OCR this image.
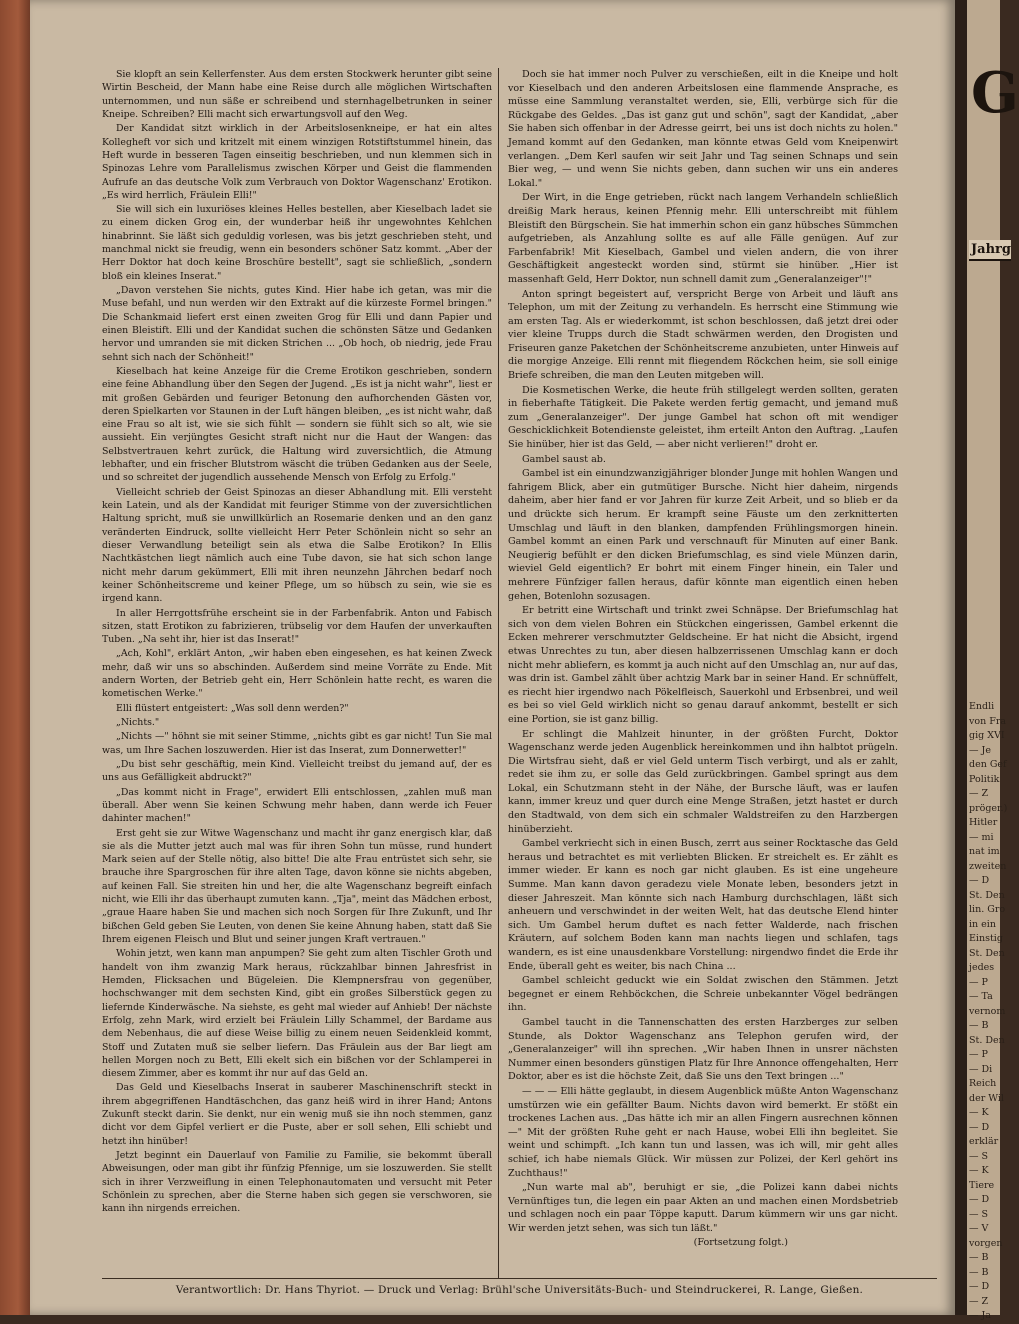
Sie klopft an sein Kellerfenster. Aus dem ersten Stockwerk herunter gibt seine Wirtin Bescheid, der Mann habe eine Reise durch alle möglichen Wirtschaften unternommen, und nun säße er schreibend und sternhagelbetrunken in seiner Kneipe. Schreiben? Elli macht sich erwartungsvoll auf den Weg.

Der Kandidat sitzt wirklich in der Arbeitslosenkneipe, er hat ein altes Kollegheft vor sich und kritzelt mit einem winzigen Rotstiftstummel hinein, das Heft wurde in besseren Tagen einseitig beschrieben, und nun klemmen sich in Spinozas Lehre vom Parallelismus zwischen Körper und Geist die flammenden Aufrufe an das deutsche Volk zum Verbrauch von Doktor Wagenschanz' Erotikon. „Es wird herrlich, Fräulein Elli!"

Sie will sich ein luxuriöses kleines Helles bestellen, aber Kieselbach ladet sie zu einem dicken Grog ein, der wunderbar heiß ihr ungewohntes Kehlchen hinabrinnt. Sie läßt sich geduldig vorlesen, was bis jetzt geschrieben steht, und manchmal nickt sie freudig, wenn ein besonders schöner Satz kommt. „Aber der Herr Doktor hat doch keine Broschüre bestellt", sagt sie schließlich, „sondern bloß ein kleines Inserat."

„Davon verstehen Sie nichts, gutes Kind. Hier habe ich getan, was mir die Muse befahl, und nun werden wir den Extrakt auf die kürzeste Formel bringen." Die Schankmaid liefert erst einen zweiten Grog für Elli und dann Papier und einen Bleistift. Elli und der Kandidat suchen die schönsten Sätze und Gedanken hervor und umranden sie mit dicken Strichen ... „Ob hoch, ob niedrig, jede Frau sehnt sich nach der Schönheit!"

Kieselbach hat keine Anzeige für die Creme Erotikon geschrieben, sondern eine feine Abhandlung über den Segen der Jugend. „Es ist ja nicht wahr", liest er mit großen Gebärden und feuriger Betonung den aufhorchenden Gästen vor, deren Spielkarten vor Staunen in der Luft hängen bleiben, „es ist nicht wahr, daß eine Frau so alt ist, wie sie sich fühlt — sondern sie fühlt sich so alt, wie sie aussieht. Ein verjüngtes Gesicht straft nicht nur die Haut der Wangen: das Selbstvertrauen kehrt zurück, die Haltung wird zuversichtlich, die Atmung lebhafter, und ein frischer Blutstrom wäscht die trüben Gedanken aus der Seele, und so schreitet der jugendlich aussehende Mensch von Erfolg zu Erfolg."

Vielleicht schrieb der Geist Spinozas an dieser Abhandlung mit. Elli versteht kein Latein, und als der Kandidat mit feuriger Stimme von der zuversichtlichen Haltung spricht, muß sie unwillkürlich an Rosemarie denken und an den ganz veränderten Eindruck, sollte vielleicht Herr Peter Schönlein nicht so sehr an dieser Verwandlung beteiligt sein als etwa die Salbe Erotikon? In Ellis Nachtkästchen liegt nämlich auch eine Tube davon, sie hat sich schon lange nicht mehr darum gekümmert, Elli mit ihren neunzehn Jährchen bedarf noch keiner Schönheitscreme und keiner Pflege, um so hübsch zu sein, wie sie es irgend kann.

In aller Herrgottsfrühe erscheint sie in der Farbenfabrik. Anton und Fabisch sitzen, statt Erotikon zu fabrizieren, trübselig vor dem Haufen der unverkauften Tuben. „Na seht ihr, hier ist das Inserat!"

„Ach, Kohl", erklärt Anton, „wir haben eben eingesehen, es hat keinen Zweck mehr, daß wir uns so abschinden. Außerdem sind meine Vorräte zu Ende. Mit andern Worten, der Betrieb geht ein, Herr Schönlein hatte recht, es waren die kometischen Werke."

Elli flüstert entgeistert: „Was soll denn werden?"

„Nichts."

„Nichts —" höhnt sie mit seiner Stimme, „nichts gibt es gar nicht! Tun Sie mal was, um Ihre Sachen loszuwerden. Hier ist das Inserat, zum Donnerwetter!"

„Du bist sehr geschäftig, mein Kind. Vielleicht treibst du jemand auf, der es uns aus Gefälligkeit abdruckt?"

„Das kommt nicht in Frage", erwidert Elli entschlossen, „zahlen muß man überall. Aber wenn Sie keinen Schwung mehr haben, dann werde ich Feuer dahinter machen!"

Erst geht sie zur Witwe Wagenschanz und macht ihr ganz energisch klar, daß sie als die Mutter jetzt auch mal was für ihren Sohn tun müsse, rund hundert Mark seien auf der Stelle nötig, also bitte! Die alte Frau entrüstet sich sehr, sie brauche ihre Spargroschen für ihre alten Tage, davon könne sie nichts abgeben, auf keinen Fall. Sie streiten hin und her, die alte Wagenschanz begreift einfach nicht, wie Elli ihr das überhaupt zumuten kann. „Tja", meint das Mädchen erbost, „graue Haare haben Sie und machen sich noch Sorgen für Ihre Zukunft, und Ihr bißchen Geld geben Sie Leuten, von denen Sie keine Ahnung haben, statt daß Sie Ihrem eigenen Fleisch und Blut und seiner jungen Kraft vertrauen."

Wohin jetzt, wen kann man anpumpen? Sie geht zum alten Tischler Groth und handelt von ihm zwanzig Mark heraus, rückzahlbar binnen Jahresfrist in Hemden, Flicksachen und Bügeleien. Die Klempnersfrau von gegenüber, hochschwanger mit dem sechsten Kind, gibt ein großes Silberstück gegen zu liefernde Kinderwäsche. Na siehste, es geht mal wieder auf Anhieb! Der nächste Erfolg, zehn Mark, wird erzielt bei Fräulein Lilly Schammel, der Bardame aus dem Nebenhaus, die auf diese Weise billig zu einem neuen Seidenkleid kommt, Stoff und Zutaten muß sie selber liefern. Das Fräulein aus der Bar liegt am hellen Morgen noch zu Bett, Elli ekelt sich ein bißchen vor der Schlamperei in diesem Zimmer, aber es kommt ihr nur auf das Geld an.

Das Geld und Kieselbachs Inserat in sauberer Maschinenschrift steckt in ihrem abgegriffenen Handtäschchen, das ganz heiß wird in ihrer Hand; Antons Zukunft steckt darin. Sie denkt, nur ein wenig muß sie ihn noch stemmen, ganz dicht vor dem Gipfel verliert er die Puste, aber er soll sehen, Elli schiebt und hetzt ihn hinüber!

Jetzt beginnt ein Dauerlauf von Familie zu Familie, sie bekommt überall Abweisungen, oder man gibt ihr fünfzig Pfennige, um sie loszuwerden. Sie stellt sich in ihrer Verzweiflung in einen Telephonautomaten und versucht mit Peter Schönlein zu sprechen, aber die Sterne haben sich gegen sie verschworen, sie kann ihn nirgends erreichen.

Doch sie hat immer noch Pulver zu verschießen, eilt in die Kneipe und holt vor Kieselbach und den anderen Arbeitslosen eine flammende Ansprache, es müsse eine Sammlung veranstaltet werden, sie, Elli, verbürge sich für die Rückgabe des Geldes. „Das ist ganz gut und schön", sagt der Kandidat, „aber Sie haben sich offenbar in der Adresse geirrt, bei uns ist doch nichts zu holen." Jemand kommt auf den Gedanken, man könnte etwas Geld vom Kneipenwirt verlangen. „Dem Kerl saufen wir seit Jahr und Tag seinen Schnaps und sein Bier weg, — und wenn Sie nichts geben, dann suchen wir uns ein anderes Lokal."

Der Wirt, in die Enge getrieben, rückt nach langem Verhandeln schließlich dreißig Mark heraus, keinen Pfennig mehr. Elli unterschreibt mit fühlem Bleistift den Bürgschein. Sie hat immerhin schon ein ganz hübsches Sümmchen aufgetrieben, als Anzahlung sollte es auf alle Fälle genügen. Auf zur Farbenfabrik! Mit Kieselbach, Gambel und vielen andern, die von ihrer Geschäftigkeit angesteckt worden sind, stürmt sie hinüber. „Hier ist massenhaft Geld, Herr Doktor, nun schnell damit zum „Generalanzeiger"!"

Anton springt begeistert auf, verspricht Berge von Arbeit und läuft ans Telephon, um mit der Zeitung zu verhandeln. Es herrscht eine Stimmung wie am ersten Tag. Als er wiederkommt, ist schon beschlossen, daß jetzt drei oder vier kleine Trupps durch die Stadt schwärmen werden, den Drogisten und Friseuren ganze Paketchen der Schönheitscreme anzubieten, unter Hinweis auf die morgige Anzeige. Elli rennt mit fliegendem Röckchen heim, sie soll einige Briefe schreiben, die man den Leuten mitgeben will.

Die Kosmetischen Werke, die heute früh stillgelegt werden sollten, geraten in fieberhafte Tätigkeit. Die Pakete werden fertig gemacht, und jemand muß zum „Generalanzeiger". Der junge Gambel hat schon oft mit wendiger Geschicklichkeit Botendienste geleistet, ihm erteilt Anton den Auftrag. „Laufen Sie hinüber, hier ist das Geld, — aber nicht verlieren!" droht er.

Gambel saust ab.

Gambel ist ein einundzwanzigjähriger blonder Junge mit hohlen Wangen und fahrigem Blick, aber ein gutmütiger Bursche. Nicht hier daheim, nirgends daheim, aber hier fand er vor Jahren für kurze Zeit Arbeit, und so blieb er da und drückte sich herum. Er krampft seine Fäuste um den zerknitterten Umschlag und läuft in den blanken, dampfenden Frühlingsmorgen hinein. Gambel kommt an einen Park und verschnauft für Minuten auf einer Bank. Neugierig befühlt er den dicken Briefumschlag, es sind viele Münzen darin, wieviel Geld eigentlich? Er bohrt mit einem Finger hinein, ein Taler und mehrere Fünfziger fallen heraus, dafür könnte man eigentlich einen heben gehen, Botenlohn sozusagen.

Er betritt eine Wirtschaft und trinkt zwei Schnäpse. Der Briefumschlag hat sich von dem vielen Bohren ein Stückchen eingerissen, Gambel erkennt die Ecken mehrerer verschmutzter Geldscheine. Er hat nicht die Absicht, irgend etwas Unrechtes zu tun, aber diesen halbzerrissenen Umschlag kann er doch nicht mehr abliefern, es kommt ja auch nicht auf den Umschlag an, nur auf das, was drin ist. Gambel zählt über achtzig Mark bar in seiner Hand. Er schnüffelt, es riecht hier irgendwo nach Pökelfleisch, Sauerkohl und Erbsenbrei, und weil es bei so viel Geld wirklich nicht so genau darauf ankommt, bestellt er sich eine Portion, sie ist ganz billig.

Er schlingt die Mahlzeit hinunter, in der größten Furcht, Doktor Wagenschanz werde jeden Augenblick hereinkommen und ihn halbtot prügeln. Die Wirtsfrau sieht, daß er viel Geld unterm Tisch verbirgt, und als er zahlt, redet sie ihm zu, er solle das Geld zurückbringen. Gambel springt aus dem Lokal, ein Schutzmann steht in der Nähe, der Bursche läuft, was er laufen kann, immer kreuz und quer durch eine Menge Straßen, jetzt hastet er durch den Stadtwald, von dem sich ein schmaler Waldstreifen zu den Harzbergen hinüberzieht.

Gambel verkriecht sich in einen Busch, zerrt aus seiner Rocktasche das Geld heraus und betrachtet es mit verliebten Blicken. Er streichelt es. Er zählt es immer wieder. Er kann es noch gar nicht glauben. Es ist eine ungeheure Summe. Man kann davon geradezu viele Monate leben, besonders jetzt in dieser Jahreszeit. Man könnte sich nach Hamburg durchschlagen, läßt sich anheuern und verschwindet in der weiten Welt, hat das deutsche Elend hinter sich. Um Gambel herum duftet es nach fetter Walderde, nach frischen Kräutern, auf solchem Boden kann man nachts liegen und schlafen, tags wandern, es ist eine unausdenkbare Vorstellung: nirgendwo findet die Erde ihr Ende, überall geht es weiter, bis nach China ...

Gambel schleicht geduckt wie ein Soldat zwischen den Stämmen. Jetzt begegnet er einem Rehböckchen, die Schreie unbekannter Vögel bedrängen ihn.

Gambel taucht in die Tannenschatten des ersten Harzberges zur selben Stunde, als Doktor Wagenschanz ans Telephon gerufen wird, der „Generalanzeiger" will ihn sprechen. „Wir haben Ihnen in unsrer nächsten Nummer einen besonders günstigen Platz für Ihre Annonce offengehalten, Herr Doktor, aber es ist die höchste Zeit, daß Sie uns den Text bringen ..."

— — — Elli hätte geglaubt, in diesem Augenblick müßte Anton Wagenschanz umstürzen wie ein gefällter Baum. Nichts davon wird bemerkt. Er stößt ein trockenes Lachen aus. „Das hätte ich mir an allen Fingern ausrechnen können —" Mit der größten Ruhe geht er nach Hause, wobei Elli ihn begleitet. Sie weint und schimpft. „Ich kann tun und lassen, was ich will, mir geht alles schief, ich habe niemals Glück. Wir müssen zur Polizei, der Kerl gehört ins Zuchthaus!"

„Nun warte mal ab", beruhigt er sie, „die Polizei kann dabei nichts Vernünftiges tun, die legen ein paar Akten an und machen einen Mordsbetrieb und schlagen noch ein paar Töppe kaputt. Darum kümmern wir uns gar nicht. Wir werden jetzt sehen, was sich tun läßt."

(Fortsetzung folgt.)

Verantwortlich: Dr. Hans Thyriot. — Druck und Verlag: Brühl'sche Universitäts-Buch- und Steindruckerei, R. Lange, Gießen.
G
Jahrg
Endli
von Fra
gig XVI
— Je
den Gef
Politik
— Z
pröger.)
Hitler
— mi
nat im
zweiten
— D
St. Den
lin. Gro
in ein
Einstig
St. Den
jedes
— P
— Ta
vernom
— B
St. Den
— P
— Di
Reich
der Wil
— K
— D
erklär
— S
— K
Tiere
— D
— S
— V
vorgen
— B
— B
— D
— Z
— Ja
